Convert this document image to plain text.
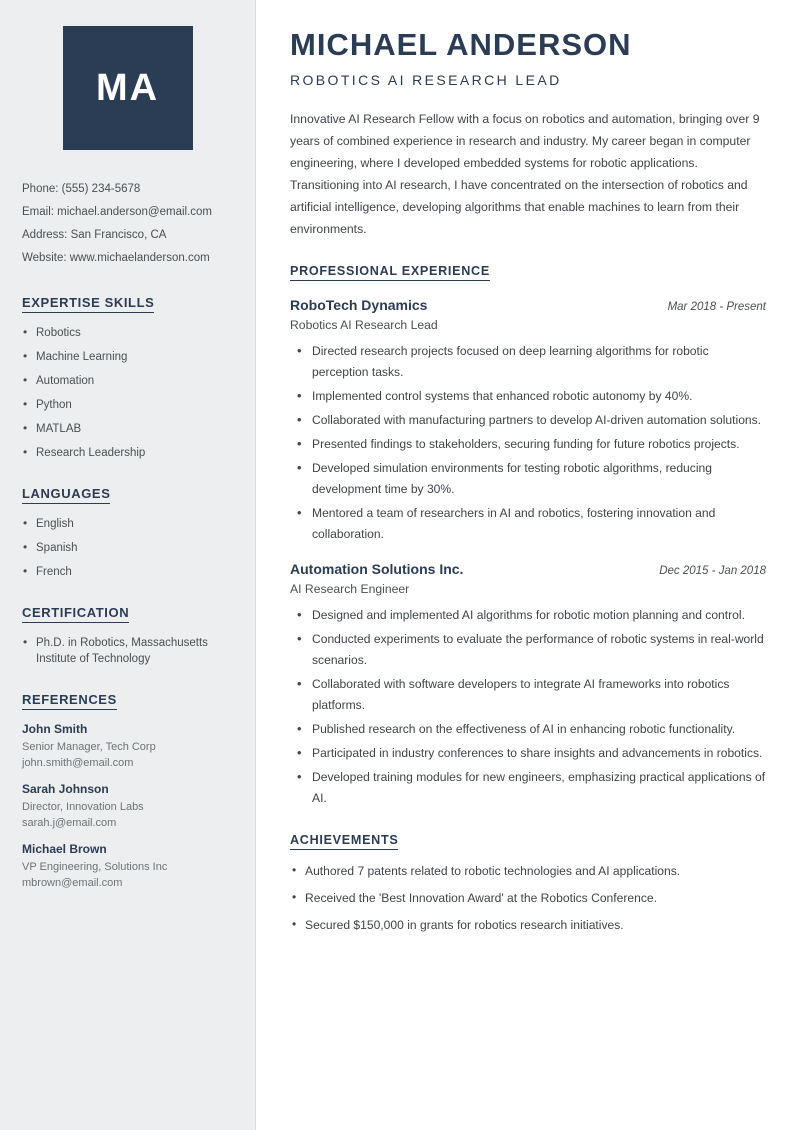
MA
Phone: (555) 234-5678
Email: michael.anderson@email.com
Address: San Francisco, CA
Website: www.michaelanderson.com
EXPERTISE SKILLS
• Robotics
• Machine Learning
• Automation
• Python
• MATLAB
• Research Leadership
LANGUAGES
• English
• Spanish
• French
CERTIFICATION
• Ph.D. in Robotics, Massachusetts Institute of Technology
REFERENCES
John Smith
Senior Manager, Tech Corp
john.smith@email.com
Sarah Johnson
Director, Innovation Labs
sarah.j@email.com
Michael Brown
VP Engineering, Solutions Inc
mbrown@email.com
MICHAEL ANDERSON
ROBOTICS AI RESEARCH LEAD

Innovative AI Research Fellow with a focus on robotics and automation, bringing over 9 years of combined experience in research and industry. My career began in computer engineering, where I developed embedded systems for robotic applications. Transitioning into AI research, I have concentrated on the intersection of robotics and artificial intelligence, developing algorithms that enable machines to learn from their environments.

PROFESSIONAL EXPERIENCE
RoboTech Dynamics	Mar 2018 - Present
Robotics AI Research Lead
• Directed research projects focused on deep learning algorithms for robotic perception tasks.
• Implemented control systems that enhanced robotic autonomy by 40%.
• Collaborated with manufacturing partners to develop AI-driven automation solutions.
• Presented findings to stakeholders, securing funding for future robotics projects.
• Developed simulation environments for testing robotic algorithms, reducing development time by 30%.
• Mentored a team of researchers in AI and robotics, fostering innovation and collaboration.
Automation Solutions Inc.	Dec 2015 - Jan 2018
AI Research Engineer
• Designed and implemented AI algorithms for robotic motion planning and control.
• Conducted experiments to evaluate the performance of robotic systems in real-world scenarios.
• Collaborated with software developers to integrate AI frameworks into robotics platforms.
• Published research on the effectiveness of AI in enhancing robotic functionality.
• Participated in industry conferences to share insights and advancements in robotics.
• Developed training modules for new engineers, emphasizing practical applications of AI.
ACHIEVEMENTS
• Authored 7 patents related to robotic technologies and AI applications.
• Received the 'Best Innovation Award' at the Robotics Conference.
• Secured $150,000 in grants for robotics research initiatives.
